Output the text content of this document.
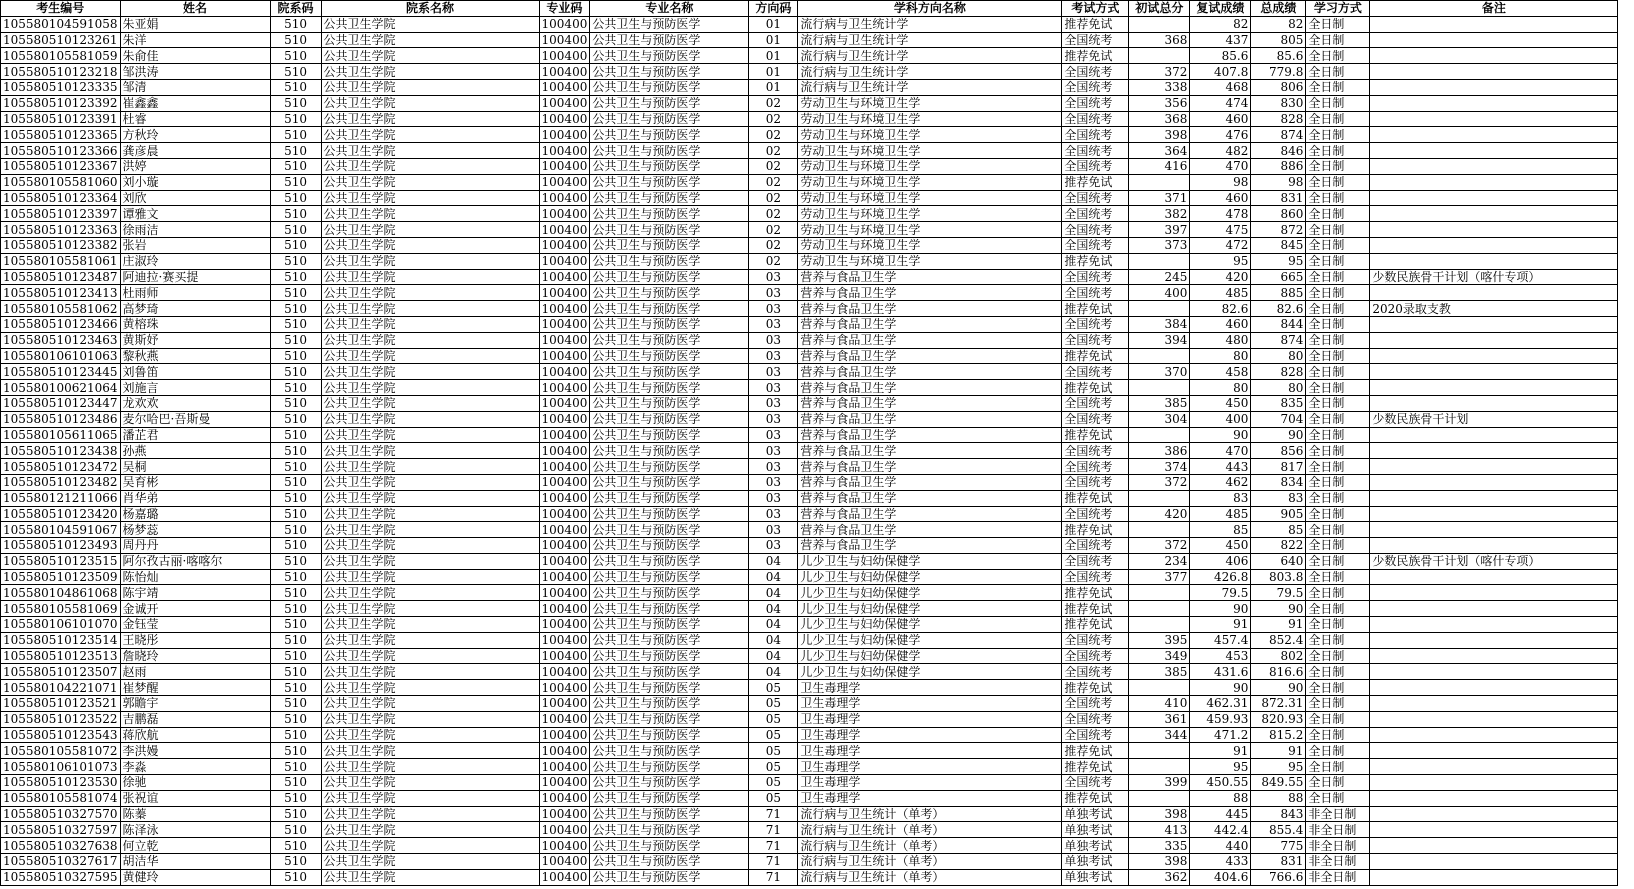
考生编号	姓名	院系码	院系名称	专业码	专业名称	方向码	学科方向名称	考试方式	初试总分	复试成绩	总成绩	学习方式	备注
105580104591058	朱亚娟	510	公共卫生学院	100400	公共卫生与预防医学	01	流行病与卫生统计学	推荐免试		82	82	全日制	
105580510123261	朱洋	510	公共卫生学院	100400	公共卫生与预防医学	01	流行病与卫生统计学	全国统考	368	437	805	全日制	
105580105581059	朱俞佳	510	公共卫生学院	100400	公共卫生与预防医学	01	流行病与卫生统计学	推荐免试		85.6	85.6	全日制	
105580510123218	邹洪涛	510	公共卫生学院	100400	公共卫生与预防医学	01	流行病与卫生统计学	全国统考	372	407.8	779.8	全日制	
105580510123335	邹清	510	公共卫生学院	100400	公共卫生与预防医学	01	流行病与卫生统计学	全国统考	338	468	806	全日制	
105580510123392	崔鑫鑫	510	公共卫生学院	100400	公共卫生与预防医学	02	劳动卫生与环境卫生学	全国统考	356	474	830	全日制	
105580510123391	杜睿	510	公共卫生学院	100400	公共卫生与预防医学	02	劳动卫生与环境卫生学	全国统考	368	460	828	全日制	
105580510123365	方秋玲	510	公共卫生学院	100400	公共卫生与预防医学	02	劳动卫生与环境卫生学	全国统考	398	476	874	全日制	
105580510123366	龚彦晨	510	公共卫生学院	100400	公共卫生与预防医学	02	劳动卫生与环境卫生学	全国统考	364	482	846	全日制	
105580510123367	洪婷	510	公共卫生学院	100400	公共卫生与预防医学	02	劳动卫生与环境卫生学	全国统考	416	470	886	全日制	
105580105581060	刘小璇	510	公共卫生学院	100400	公共卫生与预防医学	02	劳动卫生与环境卫生学	推荐免试		98	98	全日制	
105580510123364	刘欣	510	公共卫生学院	100400	公共卫生与预防医学	02	劳动卫生与环境卫生学	全国统考	371	460	831	全日制	
105580510123397	谭雅文	510	公共卫生学院	100400	公共卫生与预防医学	02	劳动卫生与环境卫生学	全国统考	382	478	860	全日制	
105580510123363	徐雨洁	510	公共卫生学院	100400	公共卫生与预防医学	02	劳动卫生与环境卫生学	全国统考	397	475	872	全日制	
105580510123382	张岩	510	公共卫生学院	100400	公共卫生与预防医学	02	劳动卫生与环境卫生学	全国统考	373	472	845	全日制	
105580105581061	庄淑玲	510	公共卫生学院	100400	公共卫生与预防医学	02	劳动卫生与环境卫生学	推荐免试		95	95	全日制	
105580510123487	阿迪拉·赛买提	510	公共卫生学院	100400	公共卫生与预防医学	03	营养与食品卫生学	全国统考	245	420	665	全日制	少数民族骨干计划（喀什专项）
105580510123413	杜雨师	510	公共卫生学院	100400	公共卫生与预防医学	03	营养与食品卫生学	全国统考	400	485	885	全日制	
105580105581062	高梦琦	510	公共卫生学院	100400	公共卫生与预防医学	03	营养与食品卫生学	推荐免试		82.6	82.6	全日制	2020录取支教
105580510123466	黄榕珠	510	公共卫生学院	100400	公共卫生与预防医学	03	营养与食品卫生学	全国统考	384	460	844	全日制	
105580510123463	黄斯妤	510	公共卫生学院	100400	公共卫生与预防医学	03	营养与食品卫生学	全国统考	394	480	874	全日制	
105580106101063	黎秋燕	510	公共卫生学院	100400	公共卫生与预防医学	03	营养与食品卫生学	推荐免试		80	80	全日制	
105580510123445	刘鲁笛	510	公共卫生学院	100400	公共卫生与预防医学	03	营养与食品卫生学	全国统考	370	458	828	全日制	
105580100621064	刘施言	510	公共卫生学院	100400	公共卫生与预防医学	03	营养与食品卫生学	推荐免试		80	80	全日制	
105580510123447	龙欢欢	510	公共卫生学院	100400	公共卫生与预防医学	03	营养与食品卫生学	全国统考	385	450	835	全日制	
105580510123486	麦尔哈巴·吾斯曼	510	公共卫生学院	100400	公共卫生与预防医学	03	营养与食品卫生学	全国统考	304	400	704	全日制	少数民族骨干计划
105580105611065	潘芷君	510	公共卫生学院	100400	公共卫生与预防医学	03	营养与食品卫生学	推荐免试		90	90	全日制	
105580510123438	孙燕	510	公共卫生学院	100400	公共卫生与预防医学	03	营养与食品卫生学	全国统考	386	470	856	全日制	
105580510123472	吴桐	510	公共卫生学院	100400	公共卫生与预防医学	03	营养与食品卫生学	全国统考	374	443	817	全日制	
105580510123482	吴育彬	510	公共卫生学院	100400	公共卫生与预防医学	03	营养与食品卫生学	全国统考	372	462	834	全日制	
105580121211066	肖华弟	510	公共卫生学院	100400	公共卫生与预防医学	03	营养与食品卫生学	推荐免试		83	83	全日制	
105580510123420	杨嘉璐	510	公共卫生学院	100400	公共卫生与预防医学	03	营养与食品卫生学	全国统考	420	485	905	全日制	
105580104591067	杨梦蕊	510	公共卫生学院	100400	公共卫生与预防医学	03	营养与食品卫生学	推荐免试		85	85	全日制	
105580510123493	周丹丹	510	公共卫生学院	100400	公共卫生与预防医学	03	营养与食品卫生学	全国统考	372	450	822	全日制	
105580510123515	阿尔孜古丽·喀喀尔	510	公共卫生学院	100400	公共卫生与预防医学	04	儿少卫生与妇幼保健学	全国统考	234	406	640	全日制	少数民族骨干计划（喀什专项）
105580510123509	陈怡灿	510	公共卫生学院	100400	公共卫生与预防医学	04	儿少卫生与妇幼保健学	全国统考	377	426.8	803.8	全日制	
105580104861068	陈宇靖	510	公共卫生学院	100400	公共卫生与预防医学	04	儿少卫生与妇幼保健学	推荐免试		79.5	79.5	全日制	
105580105581069	金诚开	510	公共卫生学院	100400	公共卫生与预防医学	04	儿少卫生与妇幼保健学	推荐免试		90	90	全日制	
105580106101070	金钰莹	510	公共卫生学院	100400	公共卫生与预防医学	04	儿少卫生与妇幼保健学	推荐免试		91	91	全日制	
105580510123514	王晓彤	510	公共卫生学院	100400	公共卫生与预防医学	04	儿少卫生与妇幼保健学	全国统考	395	457.4	852.4	全日制	
105580510123513	詹晓玲	510	公共卫生学院	100400	公共卫生与预防医学	04	儿少卫生与妇幼保健学	全国统考	349	453	802	全日制	
105580510123507	赵雨	510	公共卫生学院	100400	公共卫生与预防医学	04	儿少卫生与妇幼保健学	全国统考	385	431.6	816.6	全日制	
105580104221071	崔梦醒	510	公共卫生学院	100400	公共卫生与预防医学	05	卫生毒理学	推荐免试		90	90	全日制	
105580510123521	郭瞻宇	510	公共卫生学院	100400	公共卫生与预防医学	05	卫生毒理学	全国统考	410	462.31	872.31	全日制	
105580510123522	吉鹏磊	510	公共卫生学院	100400	公共卫生与预防医学	05	卫生毒理学	全国统考	361	459.93	820.93	全日制	
105580510123543	蒋欣航	510	公共卫生学院	100400	公共卫生与预防医学	05	卫生毒理学	全国统考	344	471.2	815.2	全日制	
105580105581072	李洪嫚	510	公共卫生学院	100400	公共卫生与预防医学	05	卫生毒理学	推荐免试		91	91	全日制	
105580106101073	李淼	510	公共卫生学院	100400	公共卫生与预防医学	05	卫生毒理学	推荐免试		95	95	全日制	
105580510123530	徐驰	510	公共卫生学院	100400	公共卫生与预防医学	05	卫生毒理学	全国统考	399	450.55	849.55	全日制	
105580105581074	张祝谊	510	公共卫生学院	100400	公共卫生与预防医学	05	卫生毒理学	推荐免试		88	88	全日制	
105580510327570	陈蓁	510	公共卫生学院	100400	公共卫生与预防医学	71	流行病与卫生统计（单考）	单独考试	398	445	843	非全日制	
105580510327597	陈泽泳	510	公共卫生学院	100400	公共卫生与预防医学	71	流行病与卫生统计（单考）	单独考试	413	442.4	855.4	非全日制	
105580510327638	何立乾	510	公共卫生学院	100400	公共卫生与预防医学	71	流行病与卫生统计（单考）	单独考试	335	440	775	非全日制	
105580510327617	胡洁华	510	公共卫生学院	100400	公共卫生与预防医学	71	流行病与卫生统计（单考）	单独考试	398	433	831	非全日制	
105580510327595	黄健玲	510	公共卫生学院	100400	公共卫生与预防医学	71	流行病与卫生统计（单考）	单独考试	362	404.6	766.6	非全日制	
